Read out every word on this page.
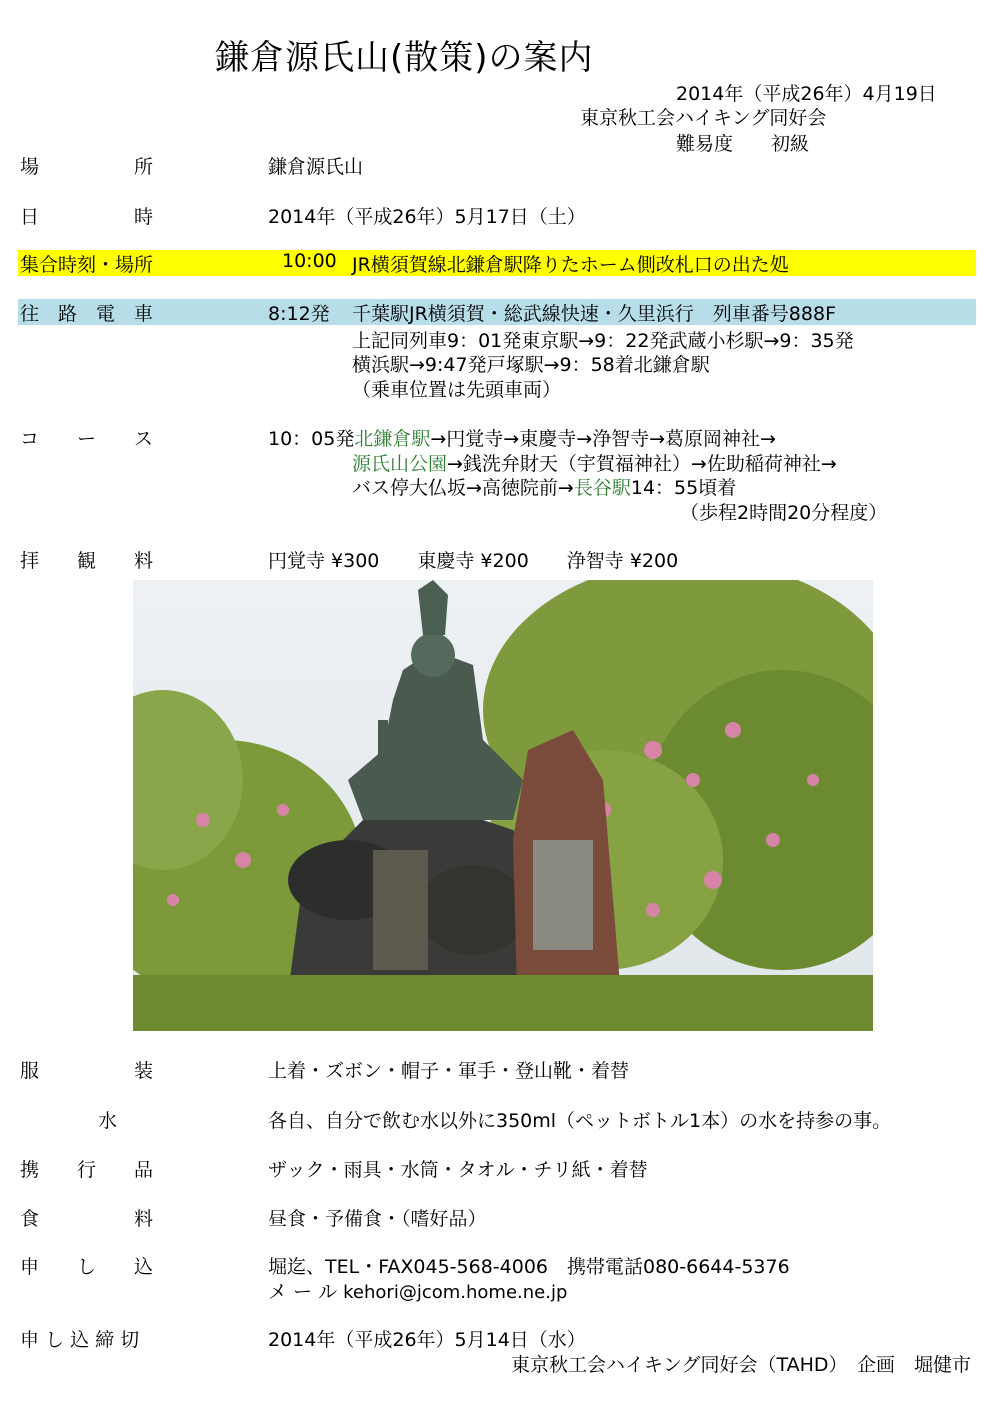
鎌倉源氏山(散策)の案内
2014年（平成26年）4月19日
東京秋工会ハイキング同好会
難易度　　初級
場　　　　　所	鎌倉源氏山
日　　　　　時	2014年（平成26年）5月17日（土）
集合時刻・場所	10:00 JR横須賀線北鎌倉駅降りたホーム側改札口の出た処
往　路　電　車	8:12発 千葉駅JR横須賀・総武線快速・久里浜行　列車番号888F
上記同列車9：01発東京駅→9：22発武蔵小杉駅→9：35発
横浜駅→9:47発戸塚駅→9：58着北鎌倉駅
（乗車位置は先頭車両）
コ　　ー　　ス	10：05発北鎌倉駅→円覚寺→東慶寺→浄智寺→葛原岡神社→
源氏山公園→銭洗弁財天（宇賀福神社）→佐助稲荷神社→
バス停大仏坂→高徳院前→長谷駅14：55頃着
（歩程2時間20分程度）
拝　　観　　料	円覚寺 ¥300　　東慶寺 ¥200　　浄智寺 ¥200
服　　　　　装	上着・ズボン・帽子・軍手・登山靴・着替
水	各自、自分で飲む水以外に350ml（ペットボトル1本）の水を持参の事。
携　　行　　品	ザック・雨具・水筒・タオル・チリ紙・着替
食　　　　　料	昼食・予備食・（嗜好品）
申　　し　　込	堀迄、TEL・FAX045-568-4006　携帯電話080-6644-5376
メ ー ル kehori@jcom.home.ne.jp
申 し 込 締 切	2014年（平成26年）5月14日（水）
東京秋工会ハイキング同好会（TAHD）　企画　堀健市
